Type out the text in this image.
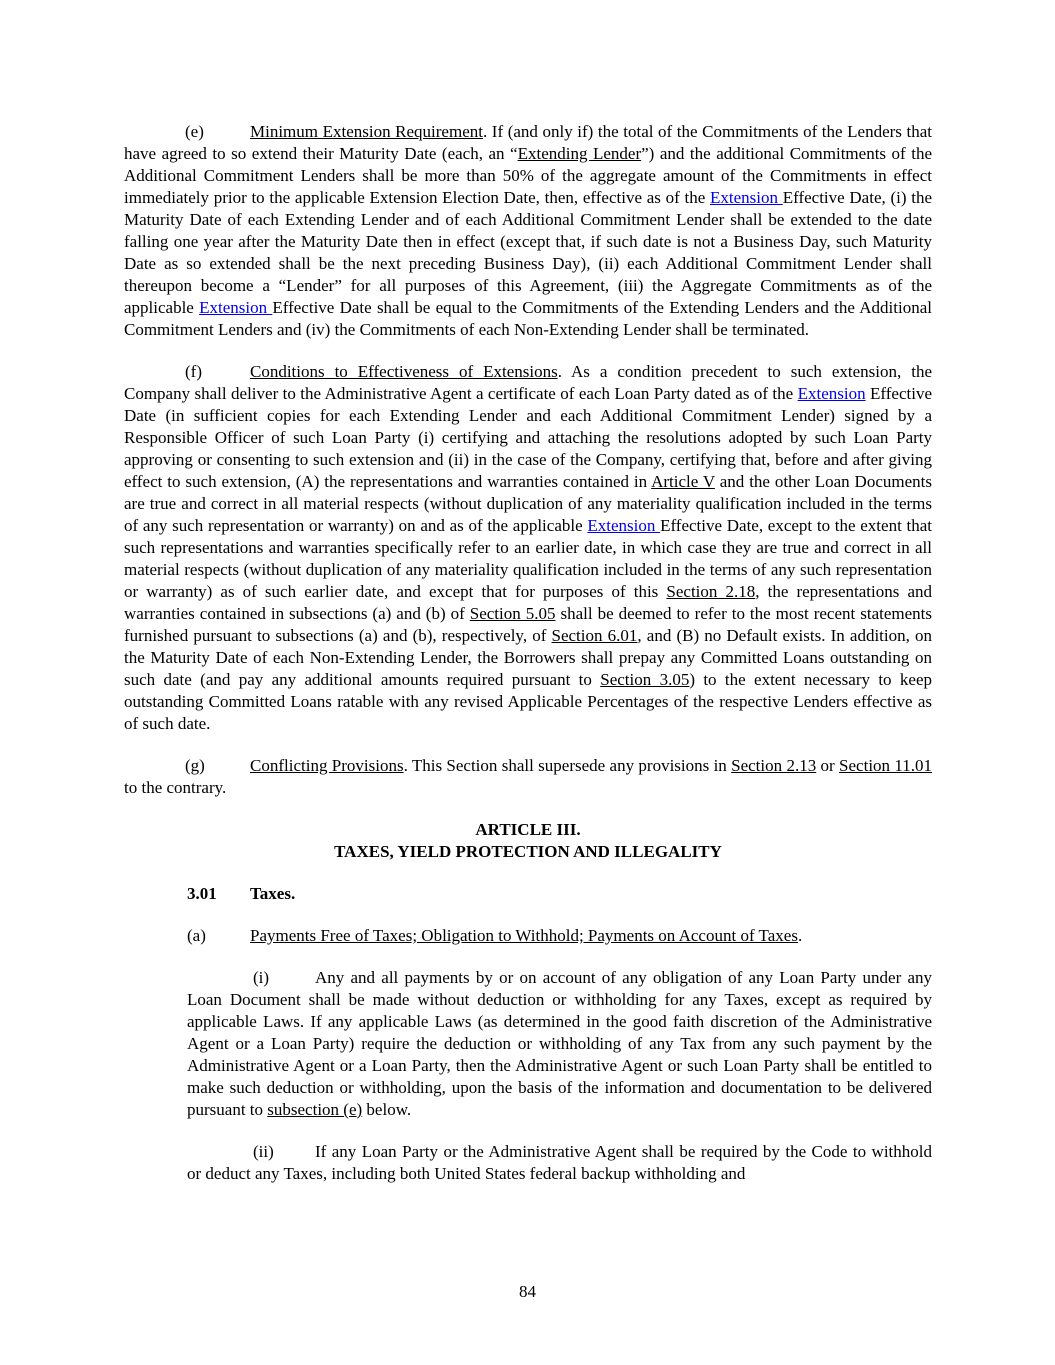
(e)	Minimum Extension Requirement. If (and only if) the total of the Commitments of the Lenders that have agreed to so extend their Maturity Date (each, an “Extending Lender”) and the additional Commitments of the Additional Commitment Lenders shall be more than 50% of the aggregate amount of the Commitments in effect immediately prior to the applicable Extension Election Date, then, effective as of the Extension Effective Date, (i) the Maturity Date of each Extending Lender and of each Additional Commitment Lender shall be extended to the date falling one year after the Maturity Date then in effect (except that, if such date is not a Business Day, such Maturity Date as so extended shall be the next preceding Business Day), (ii) each Additional Commitment Lender shall thereupon become a “Lender” for all purposes of this Agreement, (iii) the Aggregate Commitments as of the applicable Extension Effective Date shall be equal to the Commitments of the Extending Lenders and the Additional Commitment Lenders and (iv) the Commitments of each Non-Extending Lender shall be terminated.

(f)	Conditions to Effectiveness of Extensions. As a condition precedent to such extension, the Company shall deliver to the Administrative Agent a certificate of each Loan Party dated as of the Extension Effective Date (in sufficient copies for each Extending Lender and each Additional Commitment Lender) signed by a Responsible Officer of such Loan Party (i) certifying and attaching the resolutions adopted by such Loan Party approving or consenting to such extension and (ii) in the case of the Company, certifying that, before and after giving effect to such extension, (A) the representations and warranties contained in Article V and the other Loan Documents are true and correct in all material respects (without duplication of any materiality qualification included in the terms of any such representation or warranty) on and as of the applicable Extension Effective Date, except to the extent that such representations and warranties specifically refer to an earlier date, in which case they are true and correct in all material respects (without duplication of any materiality qualification included in the terms of any such representation or warranty) as of such earlier date, and except that for purposes of this Section 2.18, the representations and warranties contained in subsections (a) and (b) of Section 5.05 shall be deemed to refer to the most recent statements furnished pursuant to subsections (a) and (b), respectively, of Section 6.01, and (B) no Default exists. In addition, on the Maturity Date of each Non-Extending Lender, the Borrowers shall prepay any Committed Loans outstanding on such date (and pay any additional amounts required pursuant to Section 3.05) to the extent necessary to keep outstanding Committed Loans ratable with any revised Applicable Percentages of the respective Lenders effective as of such date.

(g)	Conflicting Provisions. This Section shall supersede any provisions in Section 2.13 or Section 11.01 to the contrary.

ARTICLE III.
TAXES, YIELD PROTECTION AND ILLEGALITY

3.01 Taxes.

(a)	Payments Free of Taxes; Obligation to Withhold; Payments on Account of Taxes.

(i)	Any and all payments by or on account of any obligation of any Loan Party under any Loan Document shall be made without deduction or withholding for any Taxes, except as required by applicable Laws. If any applicable Laws (as determined in the good faith discretion of the Administrative Agent or a Loan Party) require the deduction or withholding of any Tax from any such payment by the Administrative Agent or a Loan Party, then the Administrative Agent or such Loan Party shall be entitled to make such deduction or withholding, upon the basis of the information and documentation to be delivered pursuant to subsection (e) below.

(ii) If any Loan Party or the Administrative Agent shall be required by the Code to withhold or deduct any Taxes, including both United States federal backup withholding and

84
